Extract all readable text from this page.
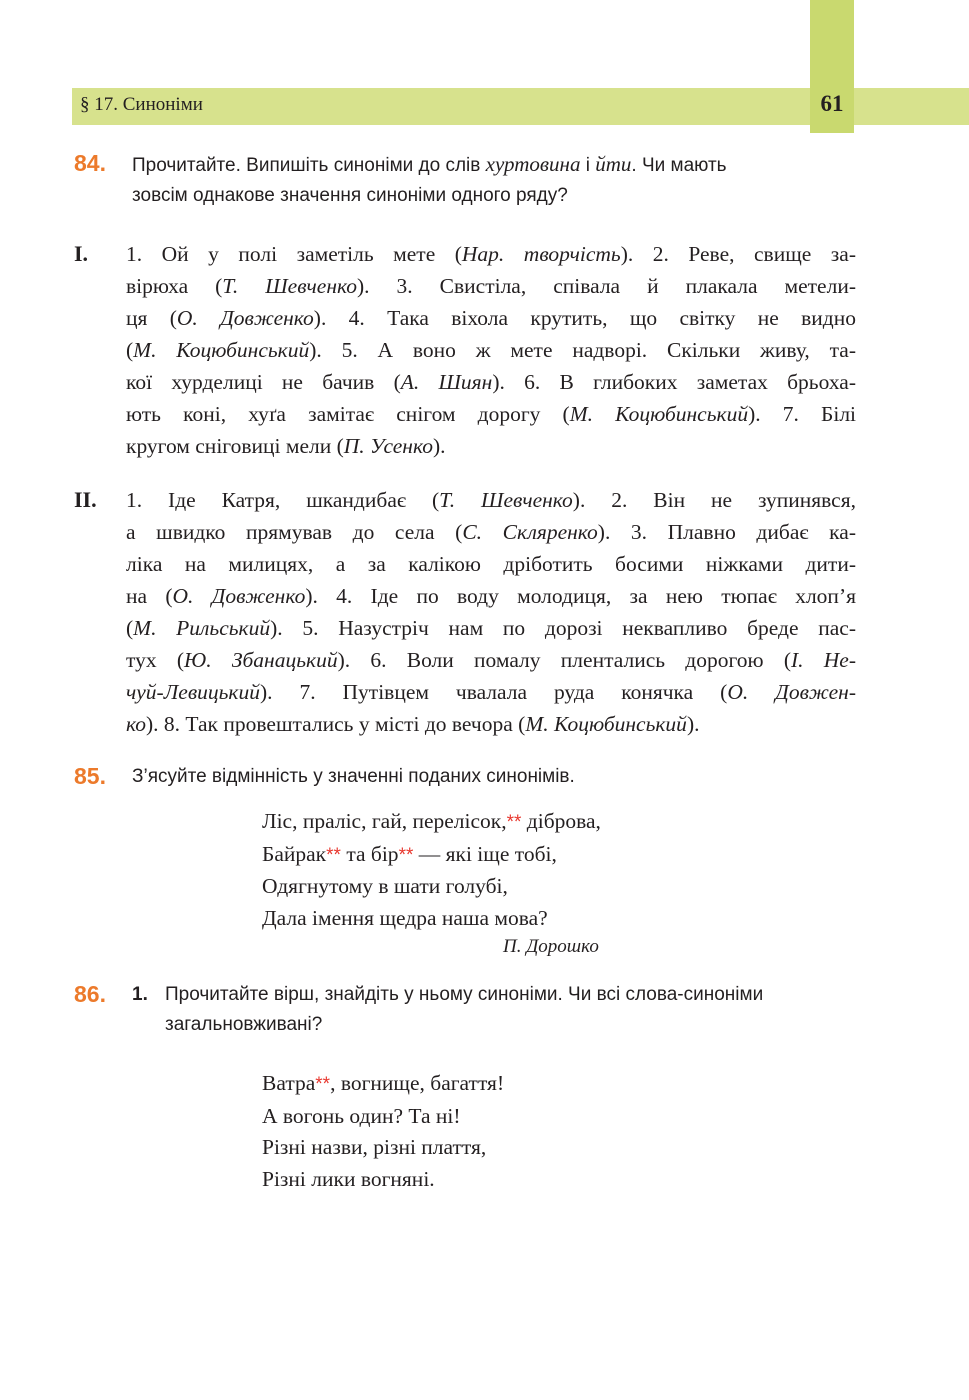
§ 17. Синоніми	61
84. Прочитайте. Випишіть синоніми до слів хуртовина і йти. Чи мають
зовсім однакове значення синоніми одного ряду?
I. 1. Ой у полі заметіль мете (Нар. творчість). 2. Реве, свище за-
вірюха (Т. Шевченко). 3. Свистіла, співала й плакала метели-
ця (О. Довженко). 4. Така віхола крутить, що світку не видно
(М. Коцюбинський). 5. А воно ж мете надворі. Скільки живу, та-
кої хурделиці не бачив (А. Шиян). 6. В глибоких заметах брьоха-
ють коні, хуґа замітає снігом дорогу (М. Коцюбинський). 7. Білі
кругом сніговиці мели (П. Усенко).
II. 1. Іде Катря, шкандибає (Т. Шевченко). 2. Він не зупинявся,
а швидко прямував до села (С. Скляренко). 3. Плавно дибає ка-
ліка на милицях, а за калікою дріботить босими ніжками дити-
на (О. Довженко). 4. Іде по воду молодиця, за нею тюпає хлоп’я
(М. Рильський). 5. Назустріч нам по дорозі неквапливо бреде пас-
тух (Ю. Збанацький). 6. Воли помалу плентались дорогою (І. Не-
чуй-Левицький). 7. Путівцем чвалала руда конячка (О. Довжен-
ко). 8. Так провештались у місті до вечора (М. Коцюбинський).
85. З’ясуйте відмінність у значенні поданих синонімів.
Ліс, праліс, гай, перелісок,** діброва,
Байрак** та бір** — які іще тобі,
Одягнутому в шати голубі,
Дала імення щедра наша мова?
П. Дорошко
86. 1. Прочитайте вірш, знайдіть у ньому синоніми. Чи всі слова-синоніми
загальновживані?
Ватра**, вогнище, багаття!
А вогонь один? Та ні!
Різні назви, різні плаття,
Різні лики вогняні.
